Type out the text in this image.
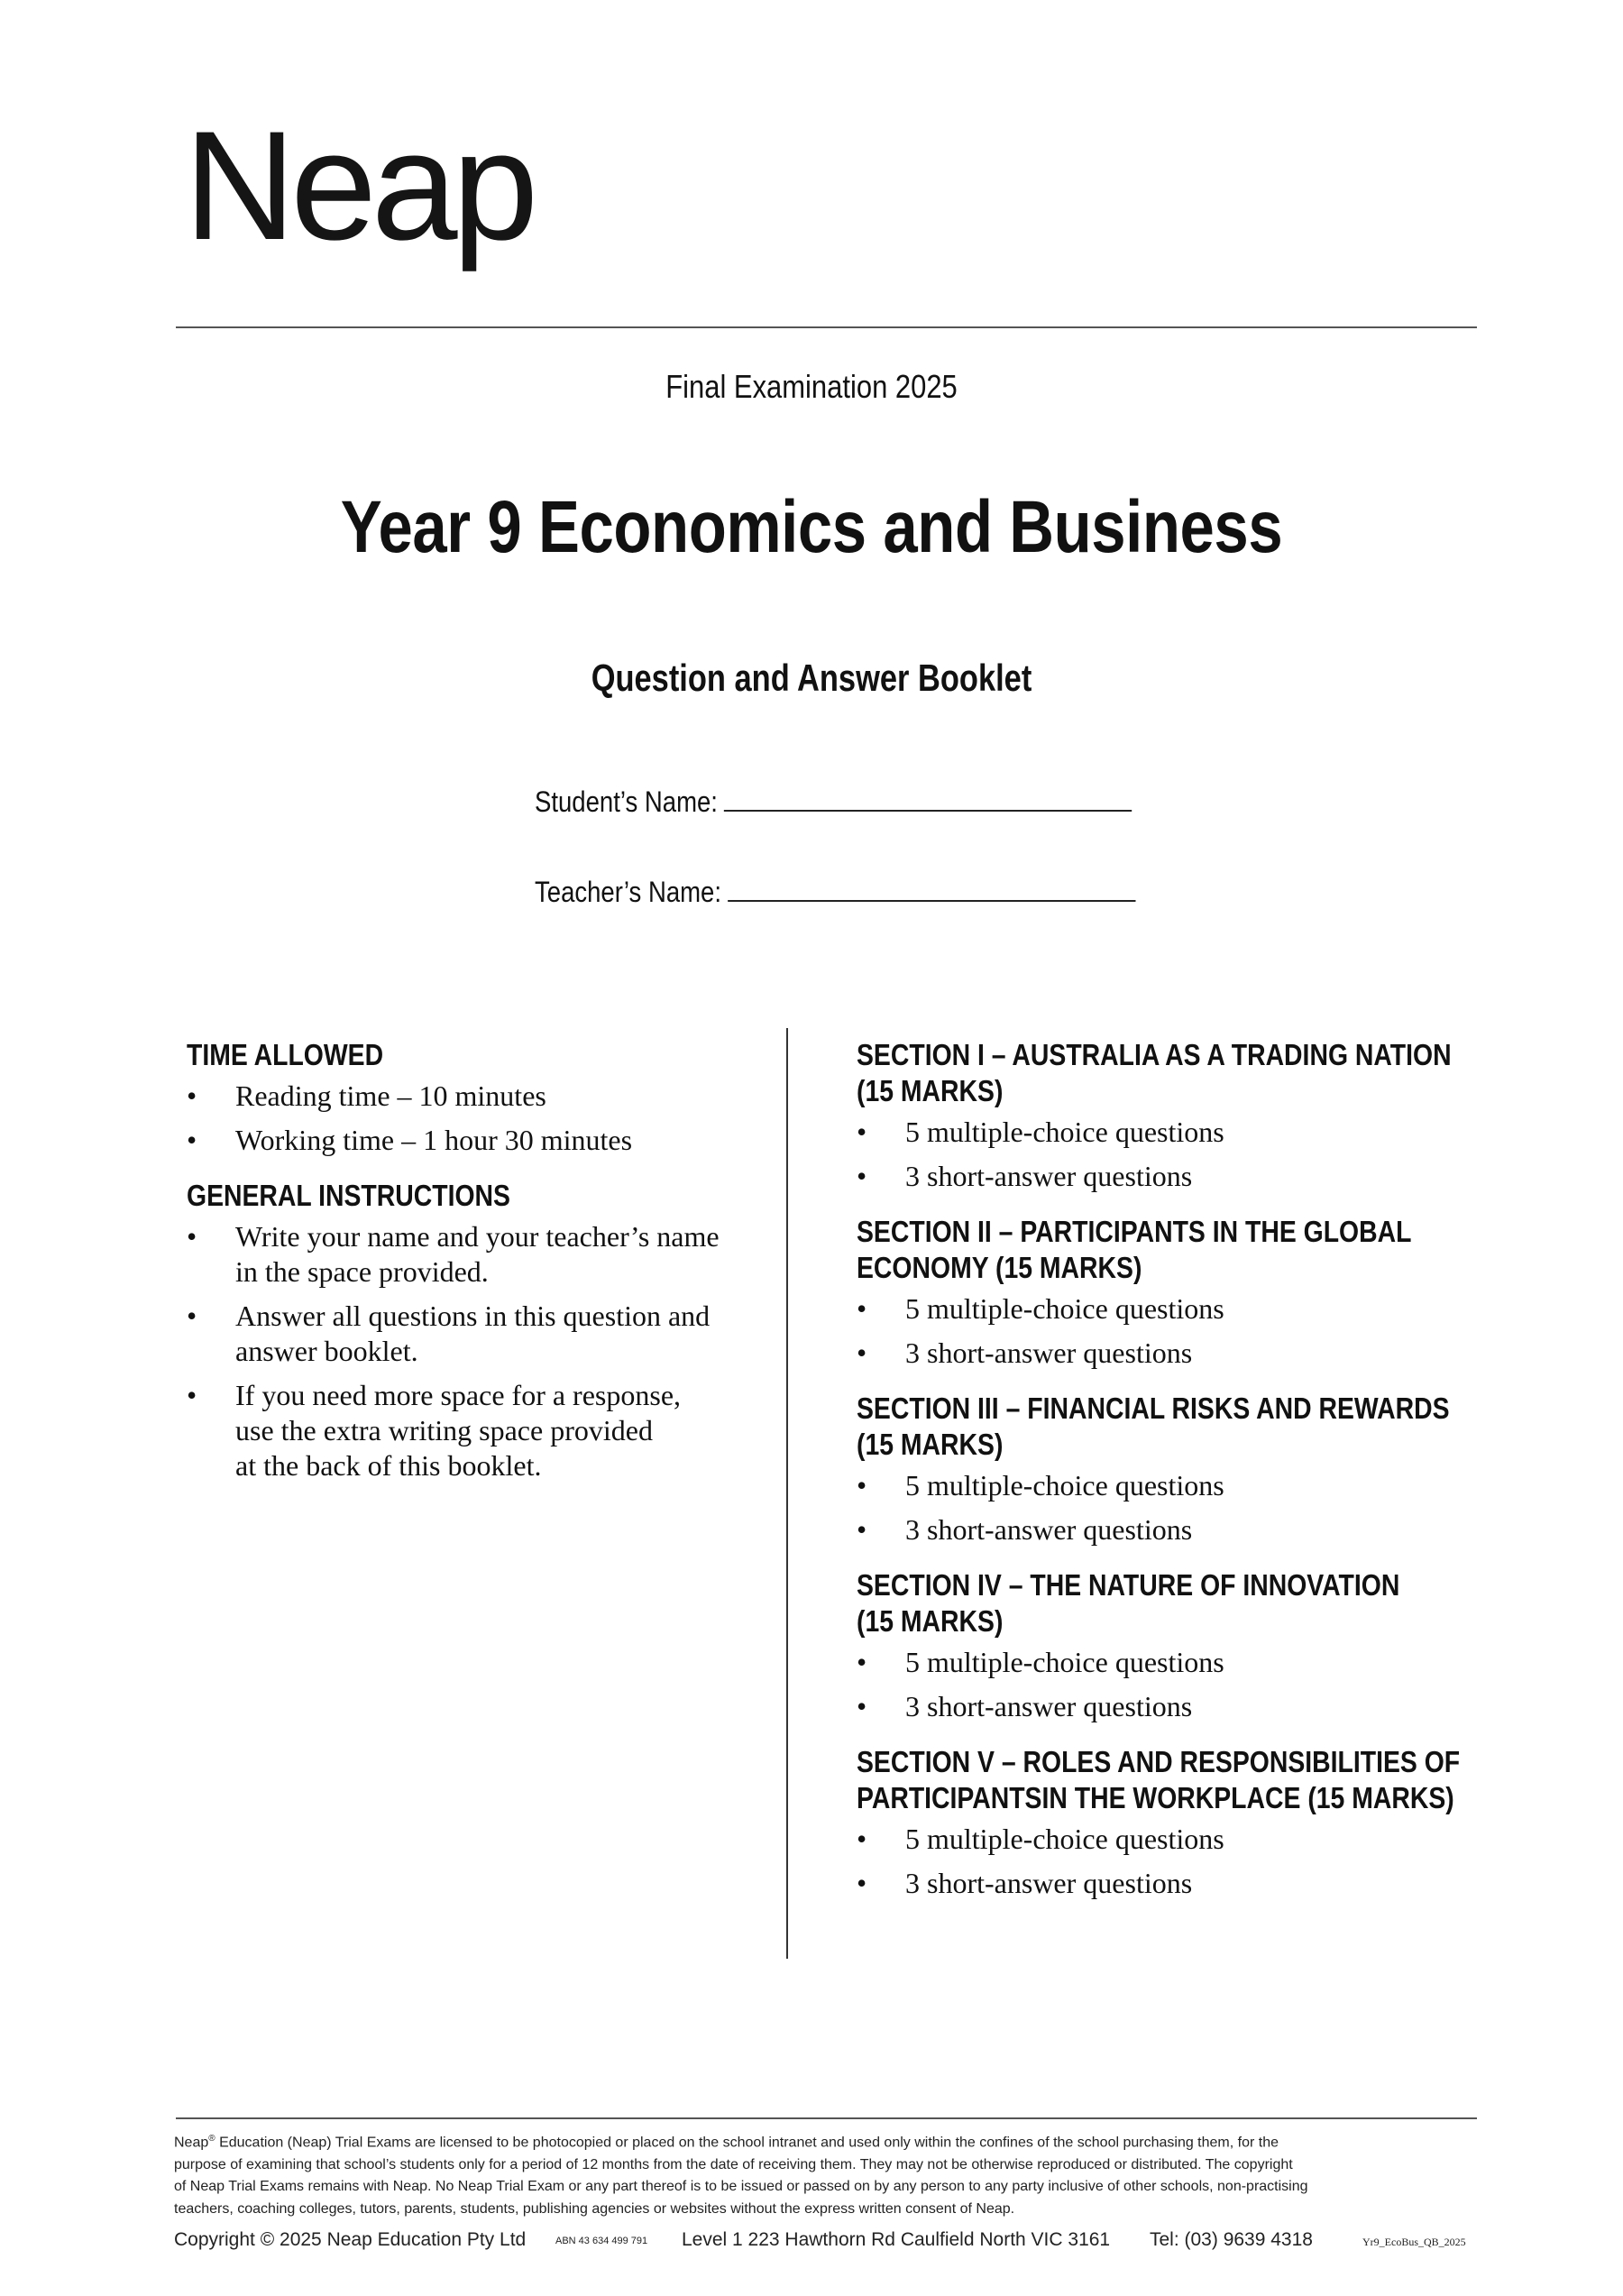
Neap
Final Examination 2025
Year 9 Economics and Business
Question and Answer Booklet
Student’s Name:
Teacher’s Name:

TIME ALLOWED

• Reading time – 10 minutes
• Working time – 1 hour 30 minutes

GENERAL INSTRUCTIONS

• Write your name and your teacher’s name
in the space provided.
• Answer all questions in this question and
answer booklet.
• If you need more space for a response,
use the extra writing space provided
at the back of this booklet.

SECTION I – AUSTRALIA AS A TRADING NATION
(15 MARKS)

• 5 multiple-choice questions
• 3 short-answer questions

SECTION II – PARTICIPANTS IN THE GLOBAL
ECONOMY (15 MARKS)

• 5 multiple-choice questions
• 3 short-answer questions

SECTION III – FINANCIAL RISKS AND REWARDS
(15 MARKS)

• 5 multiple-choice questions
• 3 short-answer questions

SECTION IV – THE NATURE OF INNOVATION
(15 MARKS)

• 5 multiple-choice questions
• 3 short-answer questions

SECTION V – ROLES AND RESPONSIBILITIES OF
PARTICIPANTSIN THE WORKPLACE (15 MARKS)

• 5 multiple-choice questions
• 3 short-answer questions
Neap® Education (Neap) Trial Exams are licensed to be photocopied or placed on the school intranet and used only within the confines of the school purchasing them, for the
purpose of examining that school’s students only for a period of 12 months from the date of receiving them. They may not be otherwise reproduced or distributed. The copyright
of Neap Trial Exams remains with Neap. No Neap Trial Exam or any part thereof is to be issued or passed on by any person to any party inclusive of other schools, non-practising
teachers, coaching colleges, tutors, parents, students, publishing agencies or websites without the express written consent of Neap.
Copyright © 2025 Neap Education Pty Ltd	ABN 43 634 499 791 Level 1 223 Hawthorn Rd Caulfield North VIC 3161 Tel: (03) 9639 4318	Yr9_EcoBus_QB_2025
